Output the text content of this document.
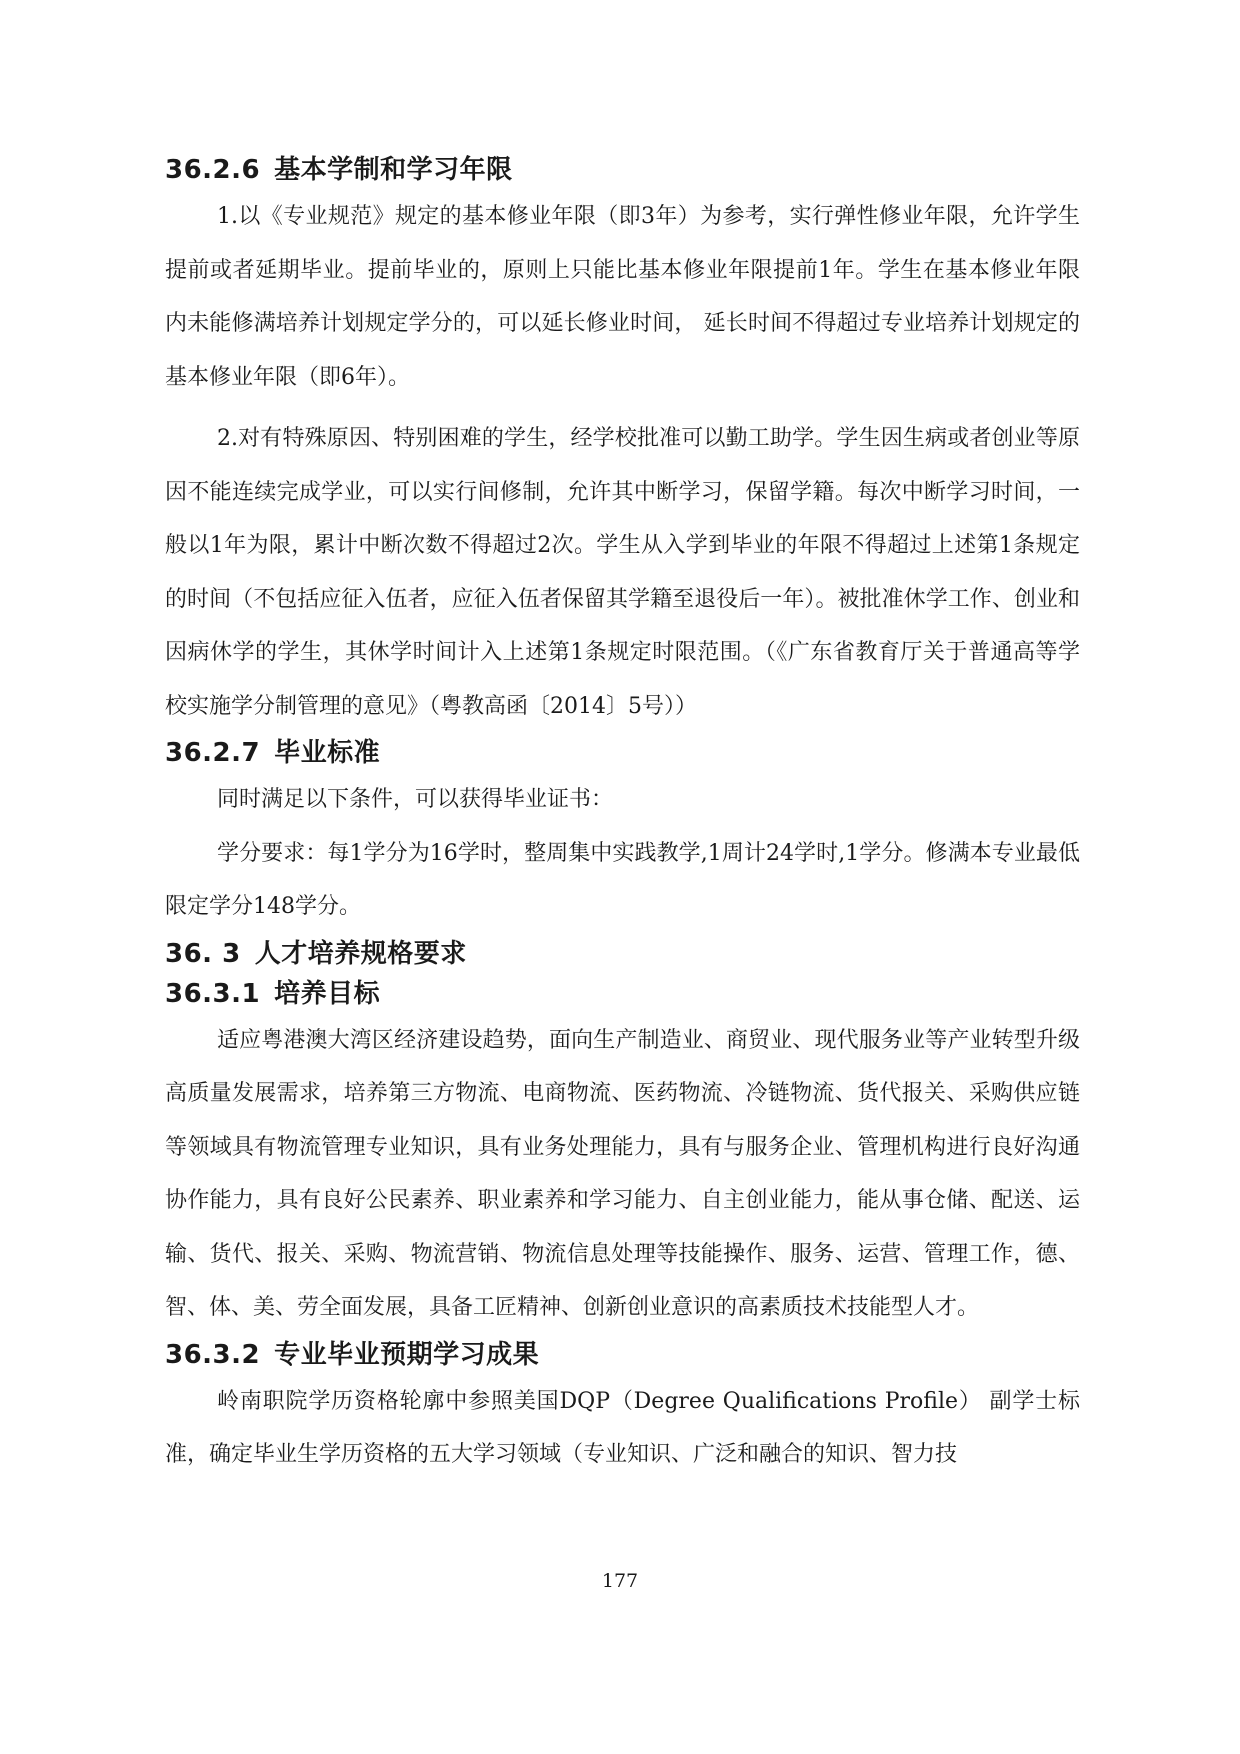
36.2.6 基本学制和学习年限

1.以《专业规范》规定的基本修业年限（即3年）为参考，实行弹性修业年限，允许学生提前或者延期毕业。提前毕业的，原则上只能比基本修业年限提前1年。学生在基本修业年限内未能修满培养计划规定学分的，可以延长修业时间， 延长时间不得超过专业培养计划规定的基本修业年限（即6年）。

2.对有特殊原因、特别困难的学生，经学校批准可以勤工助学。学生因生病或者创业等原因不能连续完成学业，可以实行间修制，允许其中断学习，保留学籍。每次中断学习时间，一般以1年为限，累计中断次数不得超过2次。学生从入学到毕业的年限不得超过上述第1条规定的时间（不包括应征入伍者，应征入伍者保留其学籍至退役后一年）。被批准休学工作、创业和因病休学的学生，其休学时间计入上述第1条规定时限范围。（《广东省教育厅关于普通高等学校实施学分制管理的意见》（粤教高函〔2014〕5号））

36.2.7 毕业标准

同时满足以下条件，可以获得毕业证书：

学分要求：每1学分为16学时，整周集中实践教学,1周计24学时,1学分。修满本专业最低限定学分148学分。

36. 3 人才培养规格要求
36.3.1 培养目标

适应粤港澳大湾区经济建设趋势，面向生产制造业、商贸业、现代服务业等产业转型升级高质量发展需求，培养第三方物流、电商物流、医药物流、冷链物流、货代报关、采购供应链等领域具有物流管理专业知识，具有业务处理能力，具有与服务企业、管理机构进行良好沟通协作能力，具有良好公民素养、职业素养和学习能力、自主创业能力，能从事仓储、配送、运输、货代、报关、采购、物流营销、物流信息处理等技能操作、服务、运营、管理工作，德、智、体、美、劳全面发展，具备工匠精神、创新创业意识的高素质技术技能型人才。

36.3.2 专业毕业预期学习成果

岭南职院学历资格轮廓中参照美国DQP（Degree Qualifications Profile） 副学士标准，确定毕业生学历资格的五大学习领域（专业知识、广泛和融合的知识、智力技

177
